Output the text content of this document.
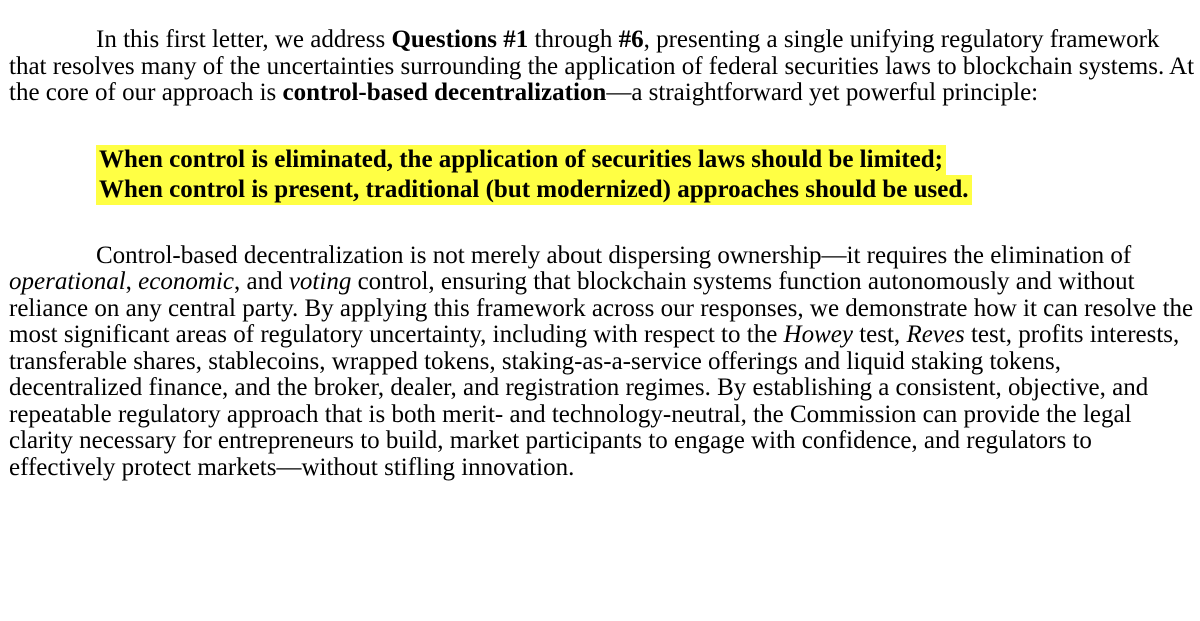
In this first letter, we address Questions #1 through #6, presenting a single unifying regulatory framework that resolves many of the uncertainties surrounding the application of federal securities laws to blockchain systems. At the core of our approach is control-based decentralization—a straightforward yet powerful principle:

When control is eliminated, the application of securities laws should be limited;
When control is present, traditional (but modernized) approaches should be used.

Control-based decentralization is not merely about dispersing ownership—it requires the elimination of operational, economic, and voting control, ensuring that blockchain systems function autonomously and without reliance on any central party. By applying this framework across our responses, we demonstrate how it can resolve the most significant areas of regulatory uncertainty, including with respect to the Howey test, Reves test, profits interests, transferable shares, stablecoins, wrapped tokens, staking-as-a-service offerings and liquid staking tokens, decentralized finance, and the broker, dealer, and registration regimes. By establishing a consistent, objective, and repeatable regulatory approach that is both merit- and technology-neutral, the Commission can provide the legal clarity necessary for entrepreneurs to build, market participants to engage with confidence, and regulators to effectively protect markets—without stifling innovation.
